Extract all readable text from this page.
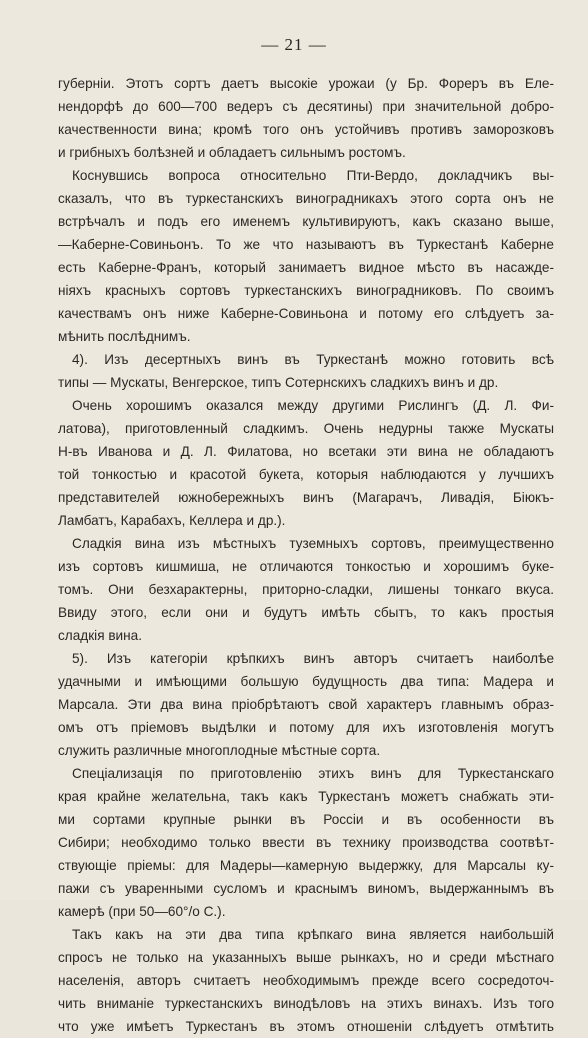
— 21 —
губерніи. Этотъ сортъ даетъ высокіе урожаи (у Бр. Фореръ въ Еле-
нендорфѣ до 600—700 ведеръ съ десятины) при значительной добро-
качественности вина; кромѣ того онъ устойчивъ противъ заморозковъ
и грибныхъ болѣзней и обладаетъ сильнымъ ростомъ.
Коснувшись вопроса относительно Пти-Вердо, докладчикъ вы-
сказалъ, что въ туркестанскихъ виноградникахъ этого сорта онъ не
встрѣчалъ и подъ его именемъ культивируютъ, какъ сказано выше,
—Каберне-Совиньонъ. То же что называютъ въ Туркестанѣ Каберне
есть Каберне-Франъ, который занимаетъ видное мѣсто въ насажде-
ніяхъ красныхъ сортовъ туркестанскихъ виноградниковъ. По своимъ
качествамъ онъ ниже Каберне-Совиньона и потому его слѣдуетъ за-
мѣнить послѣднимъ.
4). Изъ десертныхъ винъ въ Туркестанѣ можно готовить всѣ
типы — Мускаты, Венгерское, типъ Сотернскихъ сладкихъ винъ и др.
Очень хорошимъ оказался между другими Рислингъ (Д. Л. Фи-
латова), приготовленный сладкимъ. Очень недурны также Мускаты
Н-въ Иванова и Д. Л. Филатова, но всетаки эти вина не обладаютъ
той тонкостью и красотой букета, которыя наблюдаются у лучшихъ
представителей южнобережныхъ винъ (Магарачъ, Ливадія, Бiюкъ-
Ламбатъ, Карабахъ, Келлера и др.).
Сладкія вина изъ мѣстныхъ туземныхъ сортовъ, преимущественно
изъ сортовъ кишмиша, не отличаются тонкостью и хорошимъ букe-
томъ. Они безхарактерны, приторно-сладки, лишены тонкаго вкуса.
Ввиду этого, если они и будутъ имѣть сбытъ, то какъ простыя
сладкія вина.
5). Изъ категоріи крѣпкихъ винъ авторъ считаетъ наиболѣе
удачными и имѣющими большую будущность два типа: Мадера и
Марсала. Эти два вина пріобрѣтаютъ свой характеръ главнымъ образ-
омъ отъ пріемовъ выдѣлки и потому для ихъ изготовленія могутъ
служить различные многоплодные мѣстные сорта.
Спеціализація по приготовленію этихъ винъ для Туркестанскаго
края крайне желательна, такъ какъ Туркестанъ можетъ снабжать эти-
ми сортами крупные рынки въ Россіи и въ особенности въ
Сибири; необходимо только ввести въ технику производства соотвѣт-
ствующіе пріемы: для Мадеры—камерную выдержку, для Марсалы ку-
пажи съ уваренными сусломъ и краснымъ виномъ, выдержаннымъ въ
камерѣ (при 50—60°/о С.).
Такъ какъ на эти два типа крѣпкаго вина является наибольшій
спросъ не только на указанныхъ выше рынкахъ, но и среди мѣстнаго
населенія, авторъ считаетъ необходимымъ прежде всего сосредоточ-
чить вниманіе туркестанскихъ винодѣловъ на этихъ винахъ. Изъ того
что уже имѣетъ Туркестанъ въ этомъ отношеніи слѣдуетъ отмѣтить
